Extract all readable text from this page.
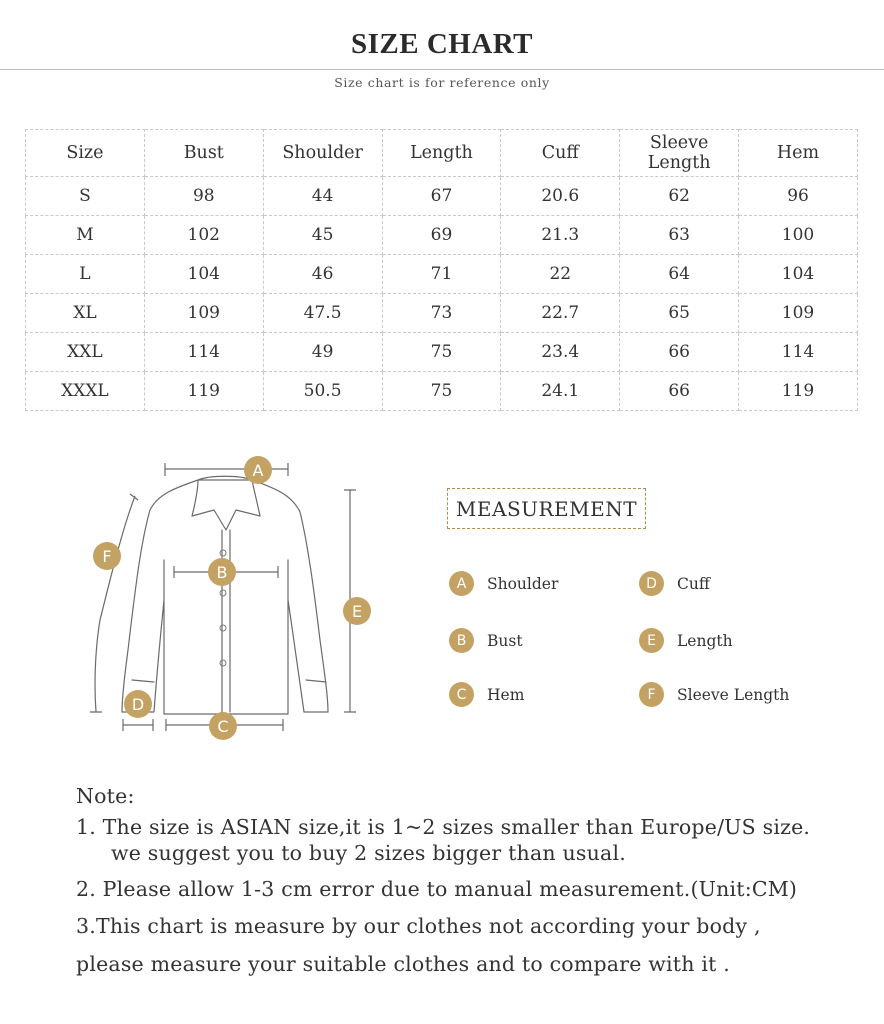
SIZE CHART
Size chart is for reference only
Size	Bust	Shoulder	Length	Cuff	Sleeve Length	Hem
S	98	44	67	20.6	62	96
M	102	45	69	21.3	63	100
L	104	46	71	22	64	104
XL	109	47.5	73	22.7	65	109
XXL	114	49	75	23.4	66	114
XXXL	119	50.5	75	24.1	66	119
A
B
C
D
E
F
MEASUREMENT
A	Shoulder	D	Cuff
B	Bust	E	Length
C	Hem	F	Sleeve Length
Note:
1. The size is ASIAN size,it is 1~2 sizes smaller than Europe/US size.
we suggest you to buy 2 sizes bigger than usual.
2. Please allow 1-3 cm error due to manual measurement.(Unit:CM)
3.This chart is measure by our clothes not according your body ,
please measure your suitable clothes and to compare with it .
